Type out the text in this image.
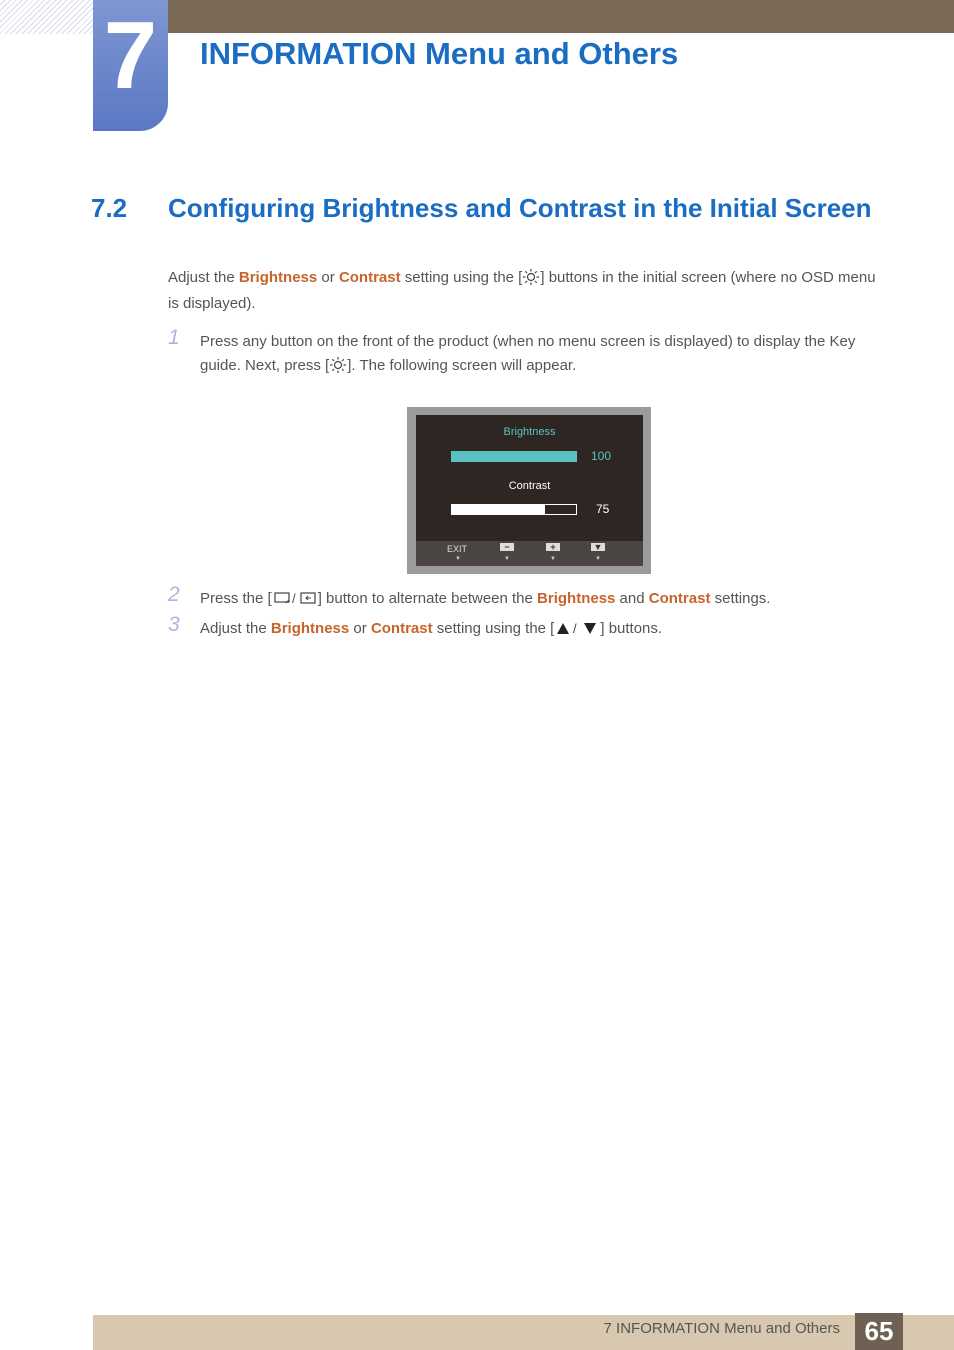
7	INFORMATION Menu and Others
7.2 Configuring Brightness and Contrast in the Initial Screen

Adjust the Brightness or Contrast setting using the [ ] buttons in the initial screen (where no OSD menu is displayed).

1 Press any button on the front of the product (when no menu screen is displayed) to display the Key guide. Next, press [ ]. The following screen will appear.
Brightness
100
Contrast
75
EXIT	−	+	▼
▼	▼	▼	▼
2 Press the [ / ] button to alternate between the Brightness and Contrast settings.
3 Adjust the Brightness or Contrast setting using the [ / ] buttons.
7 INFORMATION Menu and Others 65
